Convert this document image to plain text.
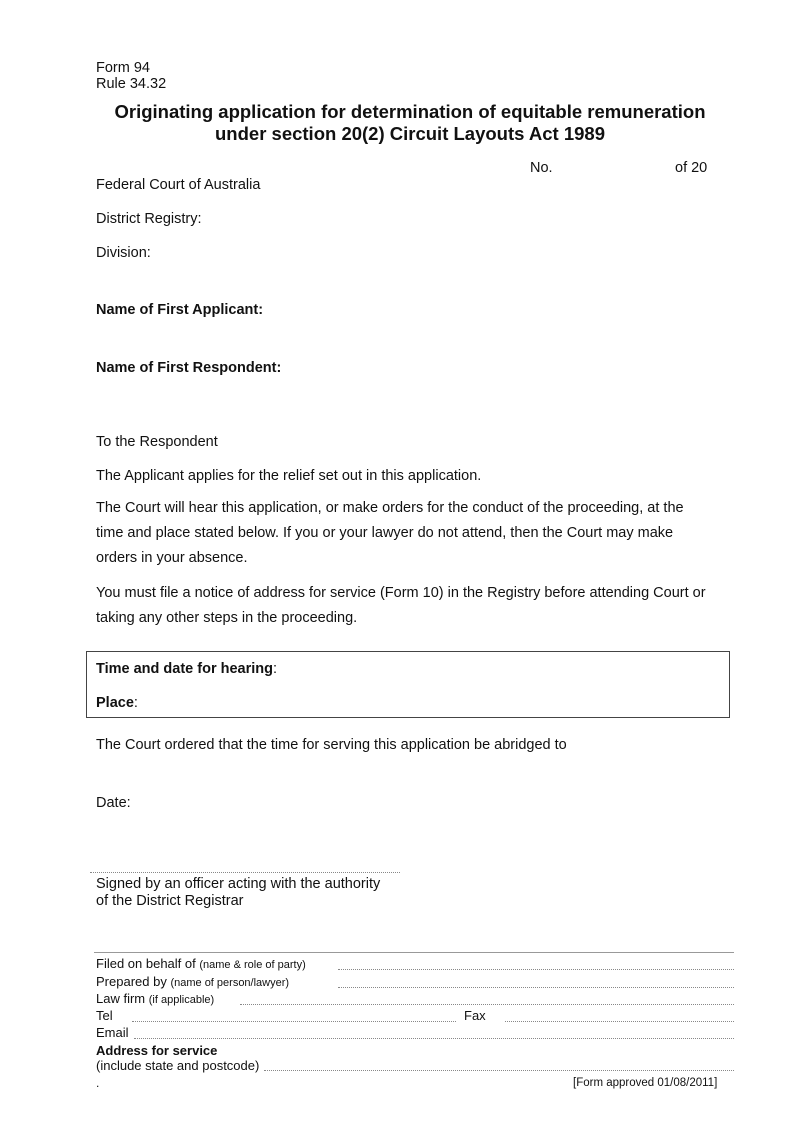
Form 94
Rule 34.32
Originating application for determination of equitable remuneration
under section 20(2) Circuit Layouts Act 1989
No.	of 20
Federal Court of Australia
District Registry:
Division:
Name of First Applicant:
Name of First Respondent:
To the Respondent
The Applicant applies for the relief set out in this application.
The Court will hear this application, or make orders for the conduct of the proceeding, at the
time and place stated below. If you or your lawyer do not attend, then the Court may make
orders in your absence.
You must file a notice of address for service (Form 10) in the Registry before attending Court or
taking any other steps in the proceeding.
Time and date for hearing:
Place:
The Court ordered that the time for serving this application be abridged to
Date:
Signed by an officer acting with the authority
of the District Registrar
Filed on behalf of (name & role of party)
Prepared by (name of person/lawyer)
Law firm (if applicable)
Tel	Fax
Email
Address for service
(include state and postcode)
.	[Form approved 01/08/2011]
